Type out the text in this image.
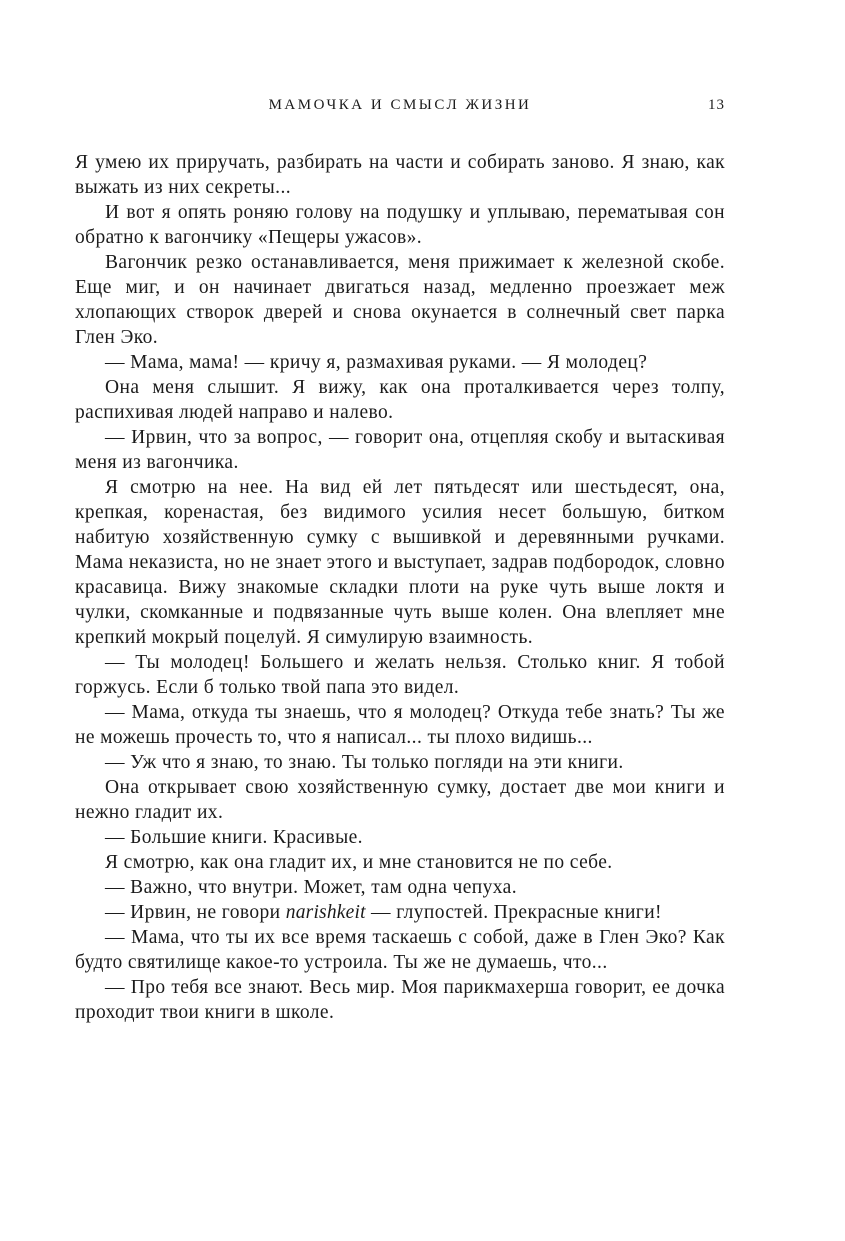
МАМОЧКА И СМЫСЛ ЖИЗНИ	13

Я умею их приручать, разбирать на части и собирать заново. Я знаю, как выжать из них секреты...

И вот я опять роняю голову на подушку и уплываю, перематывая сон обратно к вагончику «Пещеры ужасов».

Вагончик резко останавливается, меня прижимает к железной скобе. Еще миг, и он начинает двигаться назад, медленно проезжает меж хлопающих створок дверей и снова окунается в солнечный свет парка Глен Эко.

— Мама, мама! — кричу я, размахивая руками. — Я молодец?

Она меня слышит. Я вижу, как она проталкивается через толпу, распихивая людей направо и налево.

— Ирвин, что за вопрос, — говорит она, отцепляя скобу и вытаскивая меня из вагончика.

Я смотрю на нее. На вид ей лет пятьдесят или шестьдесят, она, крепкая, коренастая, без видимого усилия несет большую, битком набитую хозяйственную сумку с вышивкой и деревянными ручками. Мама неказиста, но не знает этого и выступает, задрав подбородок, словно красавица. Вижу знакомые складки плоти на руке чуть выше локтя и чулки, скомканные и подвязанные чуть выше колен. Она влепляет мне крепкий мокрый поцелуй. Я симулирую взаимность.

— Ты молодец! Большего и желать нельзя. Столько книг. Я тобой горжусь. Если б только твой папа это видел.

— Мама, откуда ты знаешь, что я молодец? Откуда тебе знать? Ты же не можешь прочесть то, что я написал... ты плохо видишь...

— Уж что я знаю, то знаю. Ты только погляди на эти книги.

Она открывает свою хозяйственную сумку, достает две мои книги и нежно гладит их.

— Большие книги. Красивые.

Я смотрю, как она гладит их, и мне становится не по себе.

— Важно, что внутри. Может, там одна чепуха.

— Ирвин, не говори narishkeit — глупостей. Прекрасные книги!

— Мама, что ты их все время таскаешь с собой, даже в Глен Эко? Как будто святилище какое-то устроила. Ты же не думаешь, что...

— Про тебя все знают. Весь мир. Моя парикмахерша говорит, ее дочка проходит твои книги в школе.
